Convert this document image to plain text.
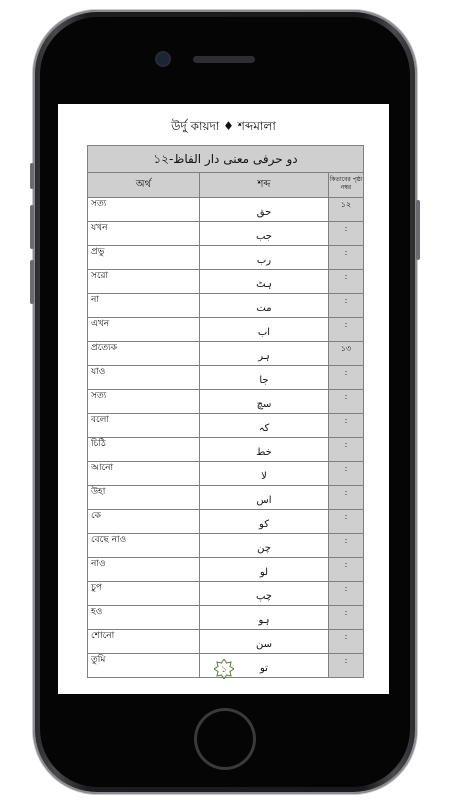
উর্দু কায়দা ♦ শব্দমালা
دو حرفی معنی دار الفاظ-১২
অর্থ	শব্দ	কিতাবের পৃষ্ঠা নম্বর
সত্য
حق
১২
যখন
جب
:
প্রভু
رب
:
সরো
ہٹ
:
না
مت
:
এখন
اب
:
প্রত্যেক
ہر
১৩
যাও
جا
:
সত্য
سچ
:
বলো
کہ
:
চিঠি
خط
:
আনো
لا
:
উহা
اس
:
কে
کو
:
বেছে নাও
چن
:
নাও
لو
:
চুপ
چپ
:
হও
ہو
:
শোনো
سن
:
তুমি
تو
:
১
